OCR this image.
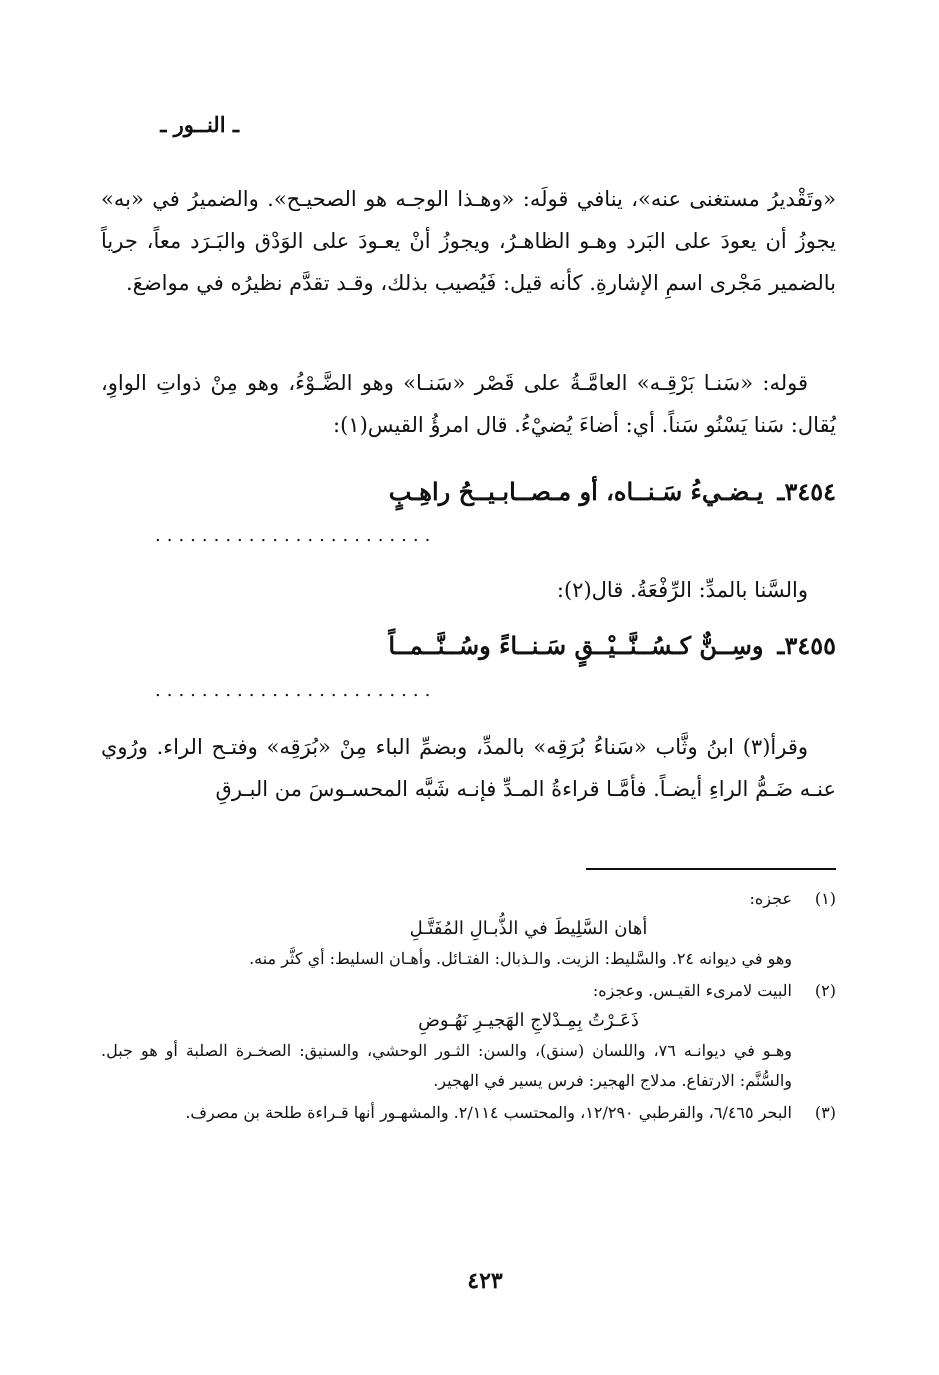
ـ النــور ـ

«وتَقْديرُ مستغنى عنه»، ينافي قولَه: «وهـذا الوجـه هو الصحيـح». والضميرُ في «به» يجوزُ أن يعودَ على البَرد وهـو الظاهـرُ، ويجوزُ أنْ يعـودَ على الوَدْق والبَـرَد معاً، جرياً بالضمير مَجْرى اسمِ الإشارةِ. كأنه قيل: فَيُصيب بذلك، وقـد تقدَّم نظيرُه في مواضعَ.

قوله: «سَنـا بَرْقِـه» العامَّـةُ على قَصْر «سَنـا» وهو الضَّـوْءُ، وهو مِنْ ذواتِ الواوِ، يُقال: سَنا يَسْنُو سَناً. أي: أضاءَ يُضيْءُ. قال امرؤُ القيس(١):

٣٤٥٤ـيـضـيءُ سَـنــاه، أو مـصــابـيــحُ راهِـبٍ
........................

والسَّنا بالمدِّ: الرِّفْعَةُ. قال(٢):

٣٤٥٥ـوسِــنٌّ كـسُــنَّــيْــقٍ سَـنــاءً وسُــنَّــمــاً
........................

وقرأ(٣) ابنُ وثَّاب «سَناءُ بُرَقِه» بالمدِّ، وبضمِّ الباء مِنْ «بُرَقِه» وفتـح الراء. ورُوي عنـه ضَـمُّ الراءِ أيضـاً. فأمَّـا قراءةُ المـدِّ فإنـه شَبَّه المحسـوسَ من البـرقِ

(١)
عجزه:
أهان السَّلِيطَ في الذُّبـالِ المُفَتَّـلِ
وهو في ديوانه ٢٤. والسَّليط: الزيت. والـذبال: الفتـائل. وأهـان السليط: أي كثَّر منه.
(٢)
البيت لامرىء القيـس. وعجزه:
ذَعَـرْتُ بِمِـدْلاجِ الهَجيـرِ نَهُـوضِ
وهـو في ديوانـه ٧٦، واللسان (سنق)، والسن: الثـور الوحشي، والسنيق: الصخـرة الصلبة أو هو جبل. والسُّنَّم: الارتفاع. مدلاج الهجير: فرس يسير في الهجير.
(٣)
البحر ٦/٤٦٥، والقرطبي ١٢/٢٩٠، والمحتسب ٢/١١٤. والمشهـور أنها قـراءة طلحة بن مصرف.
٤٢٣
